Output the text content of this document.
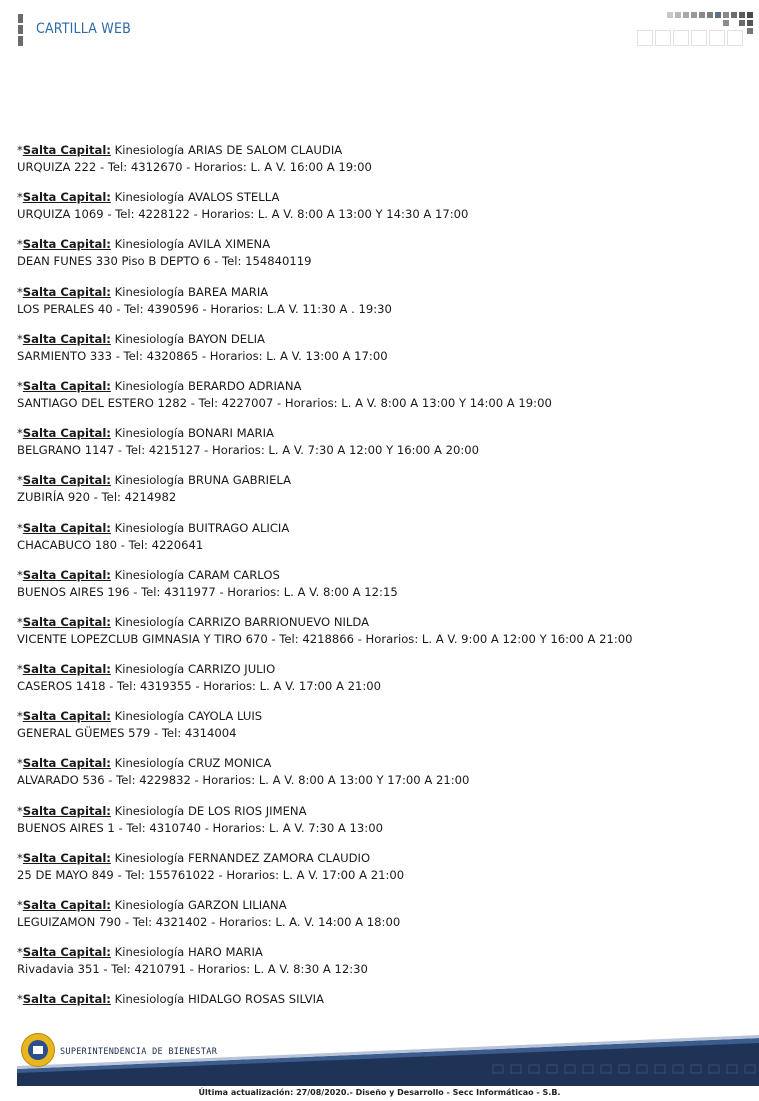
CARTILLA WEB
*Salta Capital: Kinesiología ARIAS DE SALOM CLAUDIA
URQUIZA 222 - Tel: 4312670 - Horarios: L. A V. 16:00 A 19:00
*Salta Capital: Kinesiología AVALOS STELLA
URQUIZA 1069 - Tel: 4228122 - Horarios: L. A V. 8:00 A 13:00 Y 14:30 A 17:00
*Salta Capital: Kinesiología AVILA XIMENA
DEAN FUNES 330 Piso B DEPTO 6 - Tel: 154840119
*Salta Capital: Kinesiología BAREA MARIA
LOS PERALES 40 - Tel: 4390596 - Horarios: L.A V. 11:30 A . 19:30
*Salta Capital: Kinesiología BAYON DELIA
SARMIENTO 333 - Tel: 4320865 - Horarios: L. A V. 13:00 A 17:00
*Salta Capital: Kinesiología BERARDO ADRIANA
SANTIAGO DEL ESTERO 1282 - Tel: 4227007 - Horarios: L. A V. 8:00 A 13:00 Y 14:00 A 19:00
*Salta Capital: Kinesiología BONARI MARIA
BELGRANO 1147 - Tel: 4215127 - Horarios: L. A V. 7:30 A 12:00 Y 16:00 A 20:00
*Salta Capital: Kinesiología BRUNA GABRIELA
ZUBIRÍA 920 - Tel: 4214982
*Salta Capital: Kinesiología BUITRAGO ALICIA
CHACABUCO 180 - Tel: 4220641
*Salta Capital: Kinesiología CARAM CARLOS
BUENOS AIRES 196 - Tel: 4311977 - Horarios: L. A V. 8:00 A 12:15
*Salta Capital: Kinesiología CARRIZO BARRIONUEVO NILDA
VICENTE LOPEZCLUB GIMNASIA Y TIRO 670 - Tel: 4218866 - Horarios: L. A V. 9:00 A 12:00 Y 16:00 A 21:00
*Salta Capital: Kinesiología CARRIZO JULIO
CASEROS 1418 - Tel: 4319355 - Horarios: L. A V. 17:00 A 21:00
*Salta Capital: Kinesiología CAYOLA LUIS
GENERAL GÜEMES 579 - Tel: 4314004
*Salta Capital: Kinesiología CRUZ MONICA
ALVARADO 536 - Tel: 4229832 - Horarios: L. A V. 8:00 A 13:00 Y 17:00 A 21:00
*Salta Capital: Kinesiología DE LOS RIOS JIMENA
BUENOS AIRES 1 - Tel: 4310740 - Horarios: L. A V. 7:30 A 13:00
*Salta Capital: Kinesiología FERNANDEZ ZAMORA CLAUDIO
25 DE MAYO 849 - Tel: 155761022 - Horarios: L. A V. 17:00 A 21:00
*Salta Capital: Kinesiología GARZON LILIANA
LEGUIZAMON 790 - Tel: 4321402 - Horarios: L. A. V. 14:00 A 18:00
*Salta Capital: Kinesiología HARO MARIA
Rivadavia 351 - Tel: 4210791 - Horarios: L. A V. 8:30 A 12:30
*Salta Capital: Kinesiología HIDALGO ROSAS SILVIA
SUPERINTENDENCIA DE BIENESTAR
Última actualización: 27/08/2020.- Diseño y Desarrollo - Secc Informáticao - S.B.
